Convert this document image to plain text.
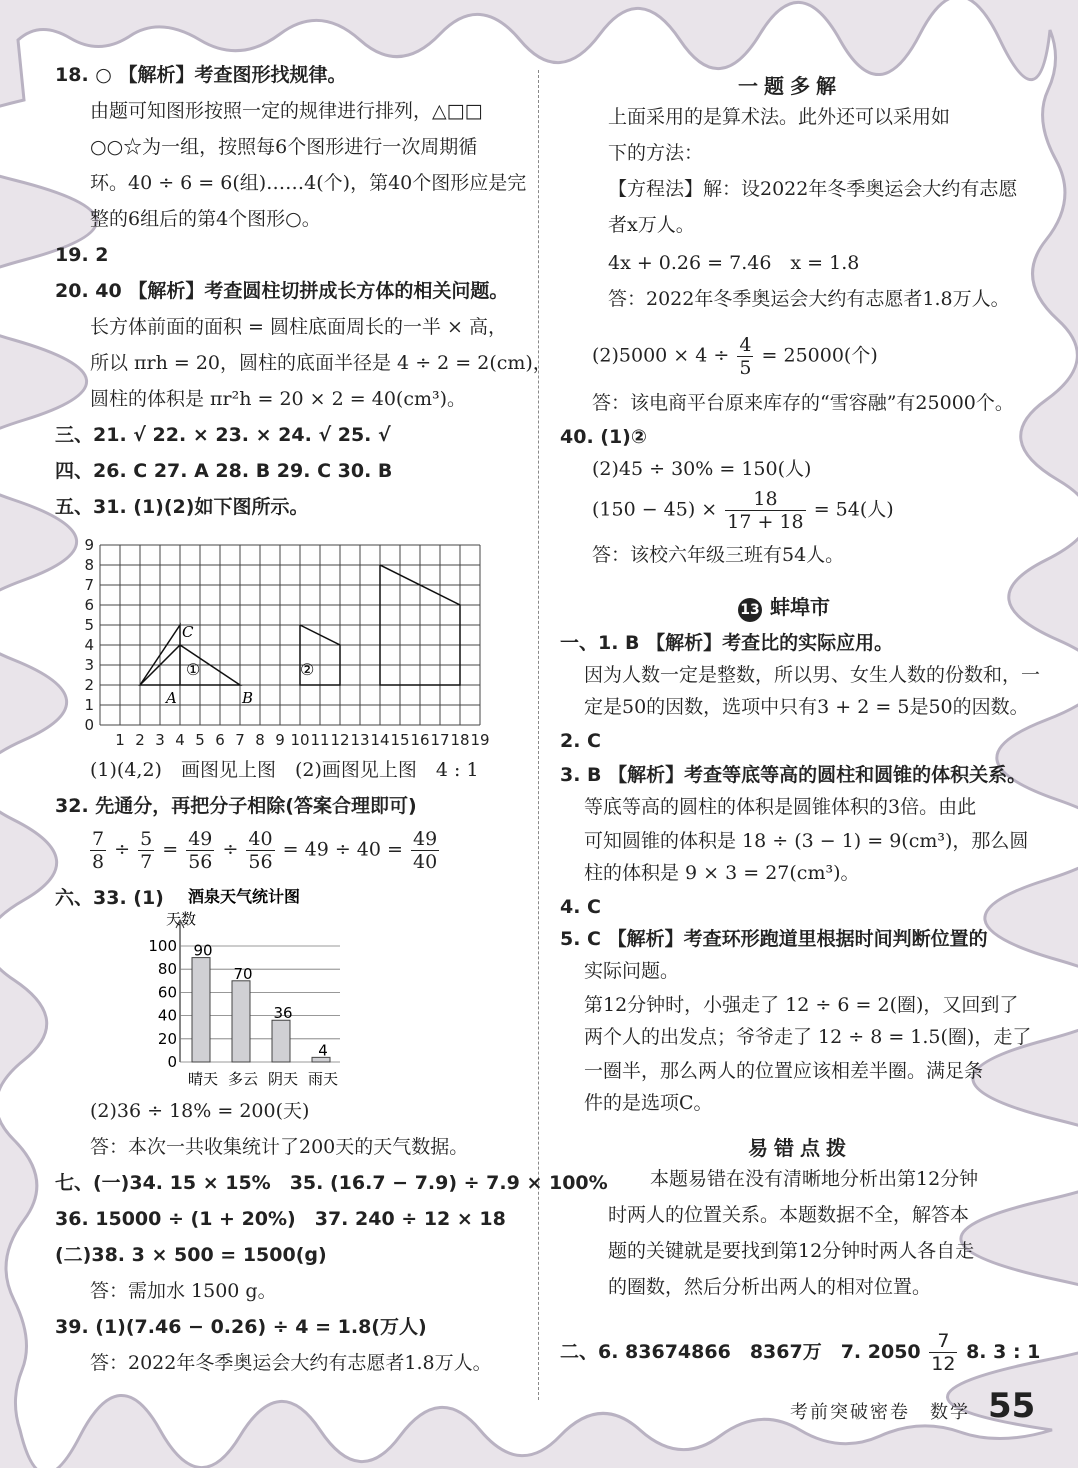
18. ○ 【解析】考查图形找规律。
由题可知图形按照一定的规律进行排列，△□□
○○☆为一组，按照每6个图形进行一次周期循
环。40 ÷ 6 = 6(组)……4(个)，第40个图形应是完
整的6组后的第4个图形○。
19. 2
20. 40 【解析】考查圆柱切拼成长方体的相关问题。
长方体前面的面积 = 圆柱底面周长的一半 × 高，
所以 πrh = 20，圆柱的底面半径是 4 ÷ 2 = 2(cm)，
圆柱的体积是 πr²h = 20 × 2 = 40(cm³)。
三、21. √ 22. × 23. × 24. √ 25. √
四、26. C 27. A 28. B 29. C 30. B
五、31. (1)(2)如下图所示。
1 2 3 4 5 6 7 8 9 10 11 12 13 14 15 16 17 18 19
0
1
2
3
4
5
6
7
8
9
C
A	B
①	②
(1)(4,2)　画图见上图　(2)画图见上图　4 : 1
32. 先通分，再把分子相除(答案合理即可)
$\frac{7}{8} \div \frac{5}{7} = \frac{49}{56} \div \frac{40}{56} = 49 \div 40 = \frac{49}{40}$
六、33. (1) 酒泉天气统计图
天数
0
20
40
60
80
100 90
晴天
70
多云
36
阴天
4
雨天
(2)36 ÷ 18% = 200(天)
答：本次一共收集统计了200天的天气数据。
七、(一)34. 15 × 15%　35. (16.7 − 7.9) ÷ 7.9 × 100%
36. 15000 ÷ (1 + 20%)　37. 240 ÷ 12 × 18
(二)38. 3 × 500 = 1500(g)
答：需加水 1500 g。
39. (1)(7.46 − 0.26) ÷ 4 = 1.8(万人)
答：2022年冬季奥运会大约有志愿者1.8万人。
一题多解
上面采用的是算术法。此外还可以采用如
下的方法：
【方程法】解：设2022年冬季奥运会大约有志愿
者x万人。
4x + 0.26 = 7.46　x = 1.8
答：2022年冬季奥运会大约有志愿者1.8万人。
$(2)5000 \times 4 \div \frac{4}{5} = 25000$(个)
答：该电商平台原来库存的“雪容融”有25000个。
40. (1)②
(2)45 ÷ 30% = 150(人)
$(150 - 45) \times \frac{18}{17 + 18} = 54$(人)
答：该校六年级三班有54人。
13 蚌埠市
一、1. B 【解析】考查比的实际应用。
因为人数一定是整数，所以男、女生人数的份数和，一
定是50的因数，选项中只有3 + 2 = 5是50的因数。
2. C
3. B 【解析】考查等底等高的圆柱和圆锥的体积关系。
等底等高的圆柱的体积是圆锥体积的3倍。由此
可知圆锥的体积是 18 ÷ (3 − 1) = 9(cm³)，那么圆
柱的体积是 9 × 3 = 27(cm³)。
4. C
5. C 【解析】考查环形跑道里根据时间判断位置的
实际问题。
第12分钟时，小强走了 12 ÷ 6 = 2(圈)，又回到了
两个人的出发点；爷爷走了 12 ÷ 8 = 1.5(圈)，走了
一圈半，那么两人的位置应该相差半圈。满足条
件的是选项C。
易错点拨
本题易错在没有清晰地分析出第12分钟
时两人的位置关系。本题数据不全，解答本
题的关键就是要找到第12分钟时两人各自走
的圈数，然后分析出两人的相对位置。
二、6. 83674866　8367万　7. $2050 \frac{7}{12} 8$. 3 : 1
考前突破密卷　数学 55
